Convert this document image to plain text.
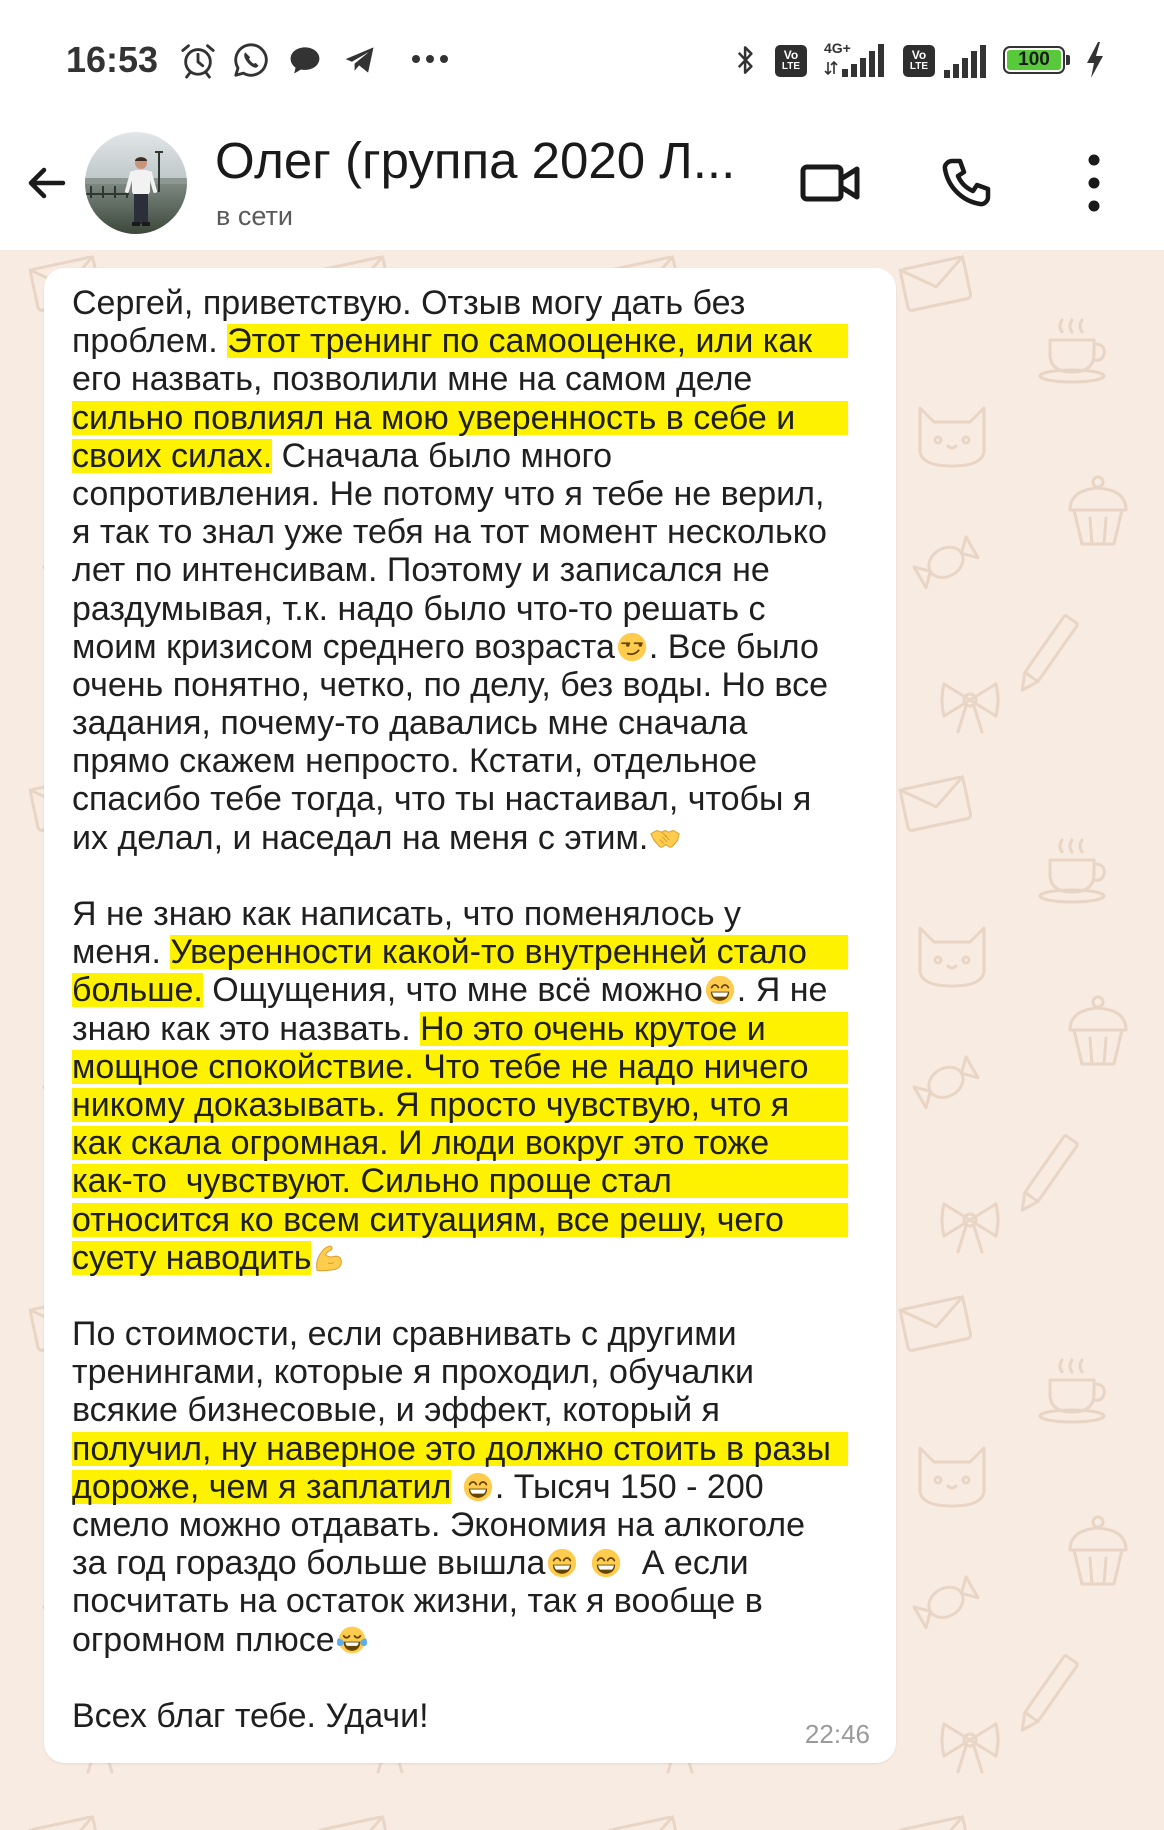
16:53	Vo
LTE
4G+	Vo
LTE	100
Олег (группа 2020 Л...
в сети
Сергей, приветствую. Отзыв могу дать без
проблем. Этот тренинг по самооценке, или как
его назвать, позволили мне на самом деле
сильно повлиял на мою уверенность в себе и
своих силах. Сначала было много
сопротивления. Не потому что я тебе не верил,
я так то знал уже тебя на тот момент несколько
лет по интенсивам. Поэтому и записался не
раздумывая, т.к. надо было что-то решать с
моим кризисом среднего возраста . Все было
очень понятно, четко, по делу, без воды. Но все
задания, почему-то давались мне сначала
прямо скажем непросто. Кстати, отдельное
спасибо тебе тогда, что ты настаивал, чтобы я
их делал, и наседал на меня с этим.
Я не знаю как написать, что поменялось у
меня. Уверенности какой-то внутренней стало
больше. Ощущения, что мне всё можно . Я не
знаю как это назвать. Но это очень крутое и
мощное спокойствие. Что тебе не надо ничего
никому доказывать. Я просто чувствую, что я
как скала огромная. И люди вокруг это тоже
как-то  чувствуют. Сильно проще стал
относится ко всем ситуациям, все решу, чего
суету наводить
По стоимости, если сравнивать с другими
тренингами, которые я проходил, обучалки
всякие бизнесовые, и эффект, который я
получил, ну наверное это должно стоить в разы
дороже, чем я заплатил
. Тысяч 150 - 200
смело можно отдавать. Экономия на алкоголе
за год гораздо больше вышла
А если
посчитать на остаток жизни, так я вообще в
огромном плюсе
Всех благ тебе. Удачи!	22:46
